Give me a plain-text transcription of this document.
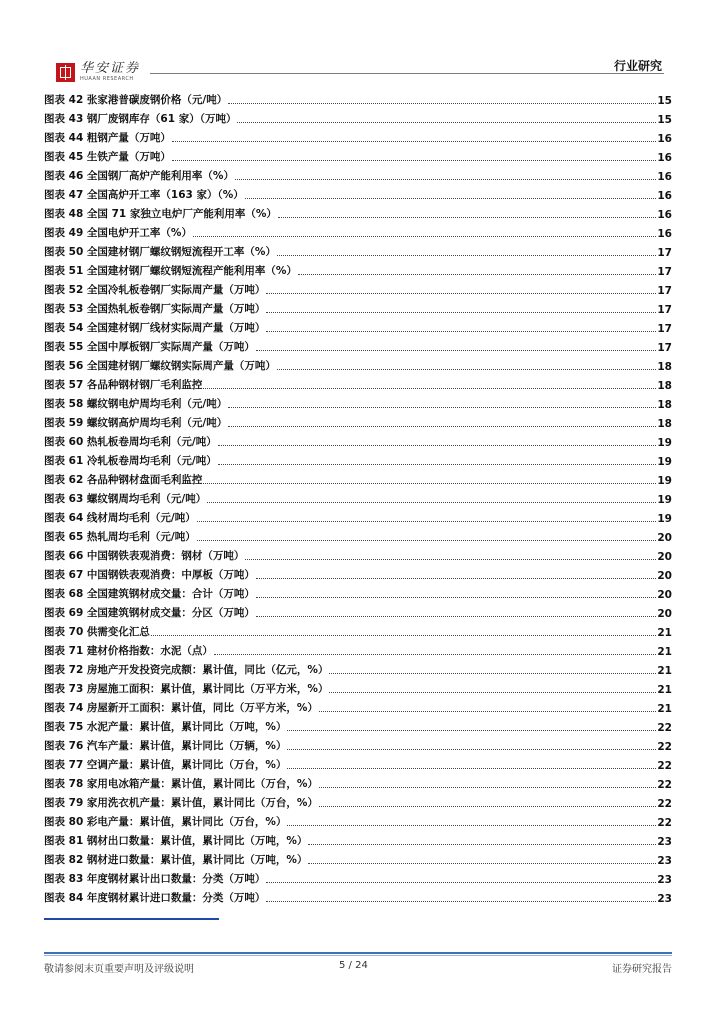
华安证券
HUAAN RESEARCH
行业研究
图表 42 张家港普碳废钢价格（元/吨）	15
图表 43 钢厂废钢库存（61 家）（万吨）	15
图表 44 粗钢产量（万吨）	16
图表 45 生铁产量（万吨）	16
图表 46 全国钢厂高炉产能利用率（%）	16
图表 47 全国高炉开工率（163 家）（%）	16
图表 48 全国 71 家独立电炉厂产能利用率（%）	16
图表 49 全国电炉开工率（%）	16
图表 50 全国建材钢厂螺纹钢短流程开工率（%）	17
图表 51 全国建材钢厂螺纹钢短流程产能利用率（%）	17
图表 52 全国冷轧板卷钢厂实际周产量（万吨）	17
图表 53 全国热轧板卷钢厂实际周产量（万吨）	17
图表 54 全国建材钢厂线材实际周产量（万吨）	17
图表 55 全国中厚板钢厂实际周产量（万吨）	17
图表 56 全国建材钢厂螺纹钢实际周产量（万吨）	18
图表 57 各品种钢材钢厂毛利监控	18
图表 58 螺纹钢电炉周均毛利（元/吨）	18
图表 59 螺纹钢高炉周均毛利（元/吨）	18
图表 60 热轧板卷周均毛利（元/吨）	19
图表 61 冷轧板卷周均毛利（元/吨）	19
图表 62 各品种钢材盘面毛利监控	19
图表 63 螺纹钢周均毛利（元/吨）	19
图表 64 线材周均毛利（元/吨）	19
图表 65 热轧周均毛利（元/吨）	20
图表 66 中国钢铁表观消费：钢材（万吨）	20
图表 67 中国钢铁表观消费：中厚板（万吨）	20
图表 68 全国建筑钢材成交量：合计（万吨）	20
图表 69 全国建筑钢材成交量：分区（万吨）	20
图表 70 供需变化汇总	21
图表 71 建材价格指数：水泥（点）	21
图表 72 房地产开发投资完成额：累计值，同比（亿元，%）	21
图表 73 房屋施工面积：累计值，累计同比（万平方米，%）	21
图表 74 房屋新开工面积：累计值，同比（万平方米，%）	21
图表 75 水泥产量：累计值，累计同比（万吨，%）	22
图表 76 汽车产量：累计值，累计同比（万辆，%）	22
图表 77 空调产量：累计值，累计同比（万台，%）	22
图表 78 家用电冰箱产量：累计值，累计同比（万台，%）	22
图表 79 家用洗衣机产量：累计值，累计同比（万台，%）	22
图表 80 彩电产量：累计值，累计同比（万台，%）	22
图表 81 钢材出口数量：累计值，累计同比（万吨，%）	23
图表 82 钢材进口数量：累计值，累计同比（万吨，%）	23
图表 83 年度钢材累计出口数量：分类（万吨）	23
图表 84 年度钢材累计进口数量：分类（万吨）	23
敬请参阅末页重要声明及评级说明	5 / 24	证券研究报告
